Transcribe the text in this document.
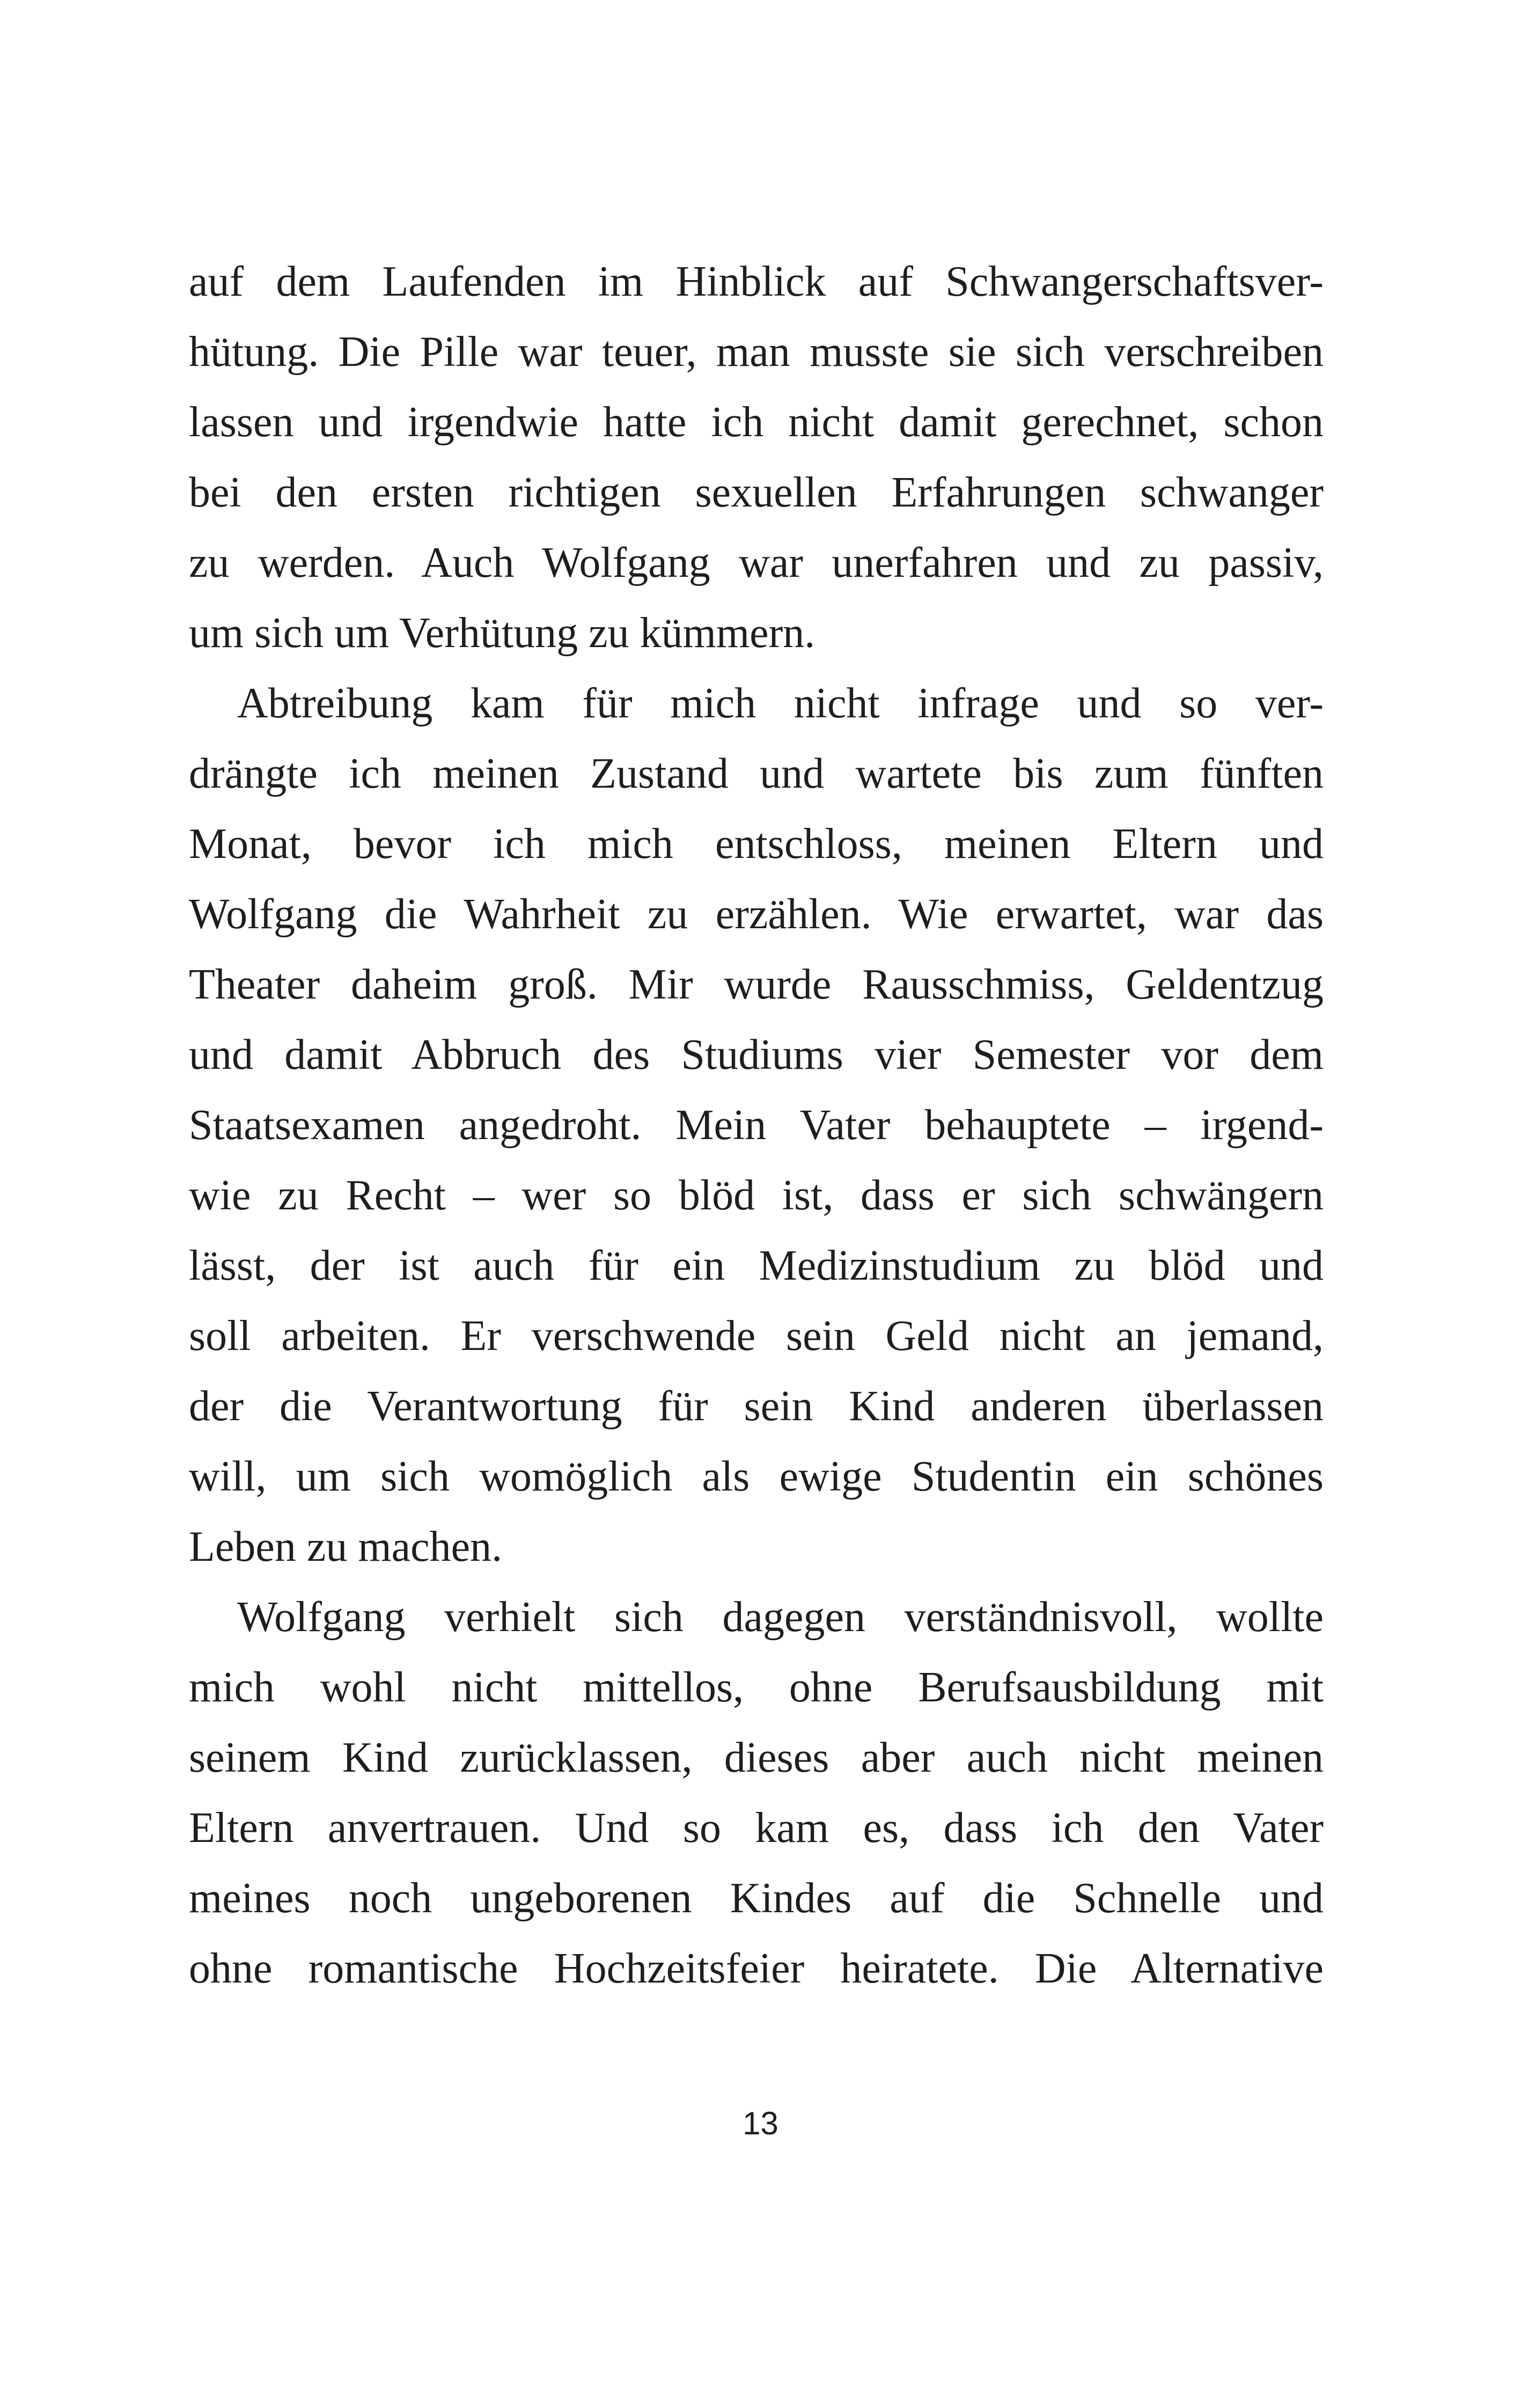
auf dem Laufenden im Hinblick auf Schwangerschaftsver-
hütung. Die Pille war teuer, man musste sie sich verschreiben
lassen und irgendwie hatte ich nicht damit gerechnet, schon
bei den ersten richtigen sexuellen Erfahrungen schwanger
zu werden. Auch Wolfgang war unerfahren und zu passiv,
um sich um Verhütung zu kümmern.
Abtreibung kam für mich nicht infrage und so ver-
drängte ich meinen Zustand und wartete bis zum fünften
Monat, bevor ich mich entschloss, meinen Eltern und
Wolfgang die Wahrheit zu erzählen. Wie erwartet, war das
Theater daheim groß. Mir wurde Rausschmiss, Geldentzug
und damit Abbruch des Studiums vier Semester vor dem
Staatsexamen angedroht. Mein Vater behauptete – irgend-
wie zu Recht – wer so blöd ist, dass er sich schwängern
lässt, der ist auch für ein Medizinstudium zu blöd und
soll arbeiten. Er verschwende sein Geld nicht an jemand,
der die Verantwortung für sein Kind anderen überlassen
will, um sich womöglich als ewige Studentin ein schönes
Leben zu machen.
Wolfgang verhielt sich dagegen verständnisvoll, wollte
mich wohl nicht mittellos, ohne Berufsausbildung mit
seinem Kind zurücklassen, dieses aber auch nicht meinen
Eltern anvertrauen. Und so kam es, dass ich den Vater
meines noch ungeborenen Kindes auf die Schnelle und
ohne romantische Hochzeitsfeier heiratete. Die Alternative
13
